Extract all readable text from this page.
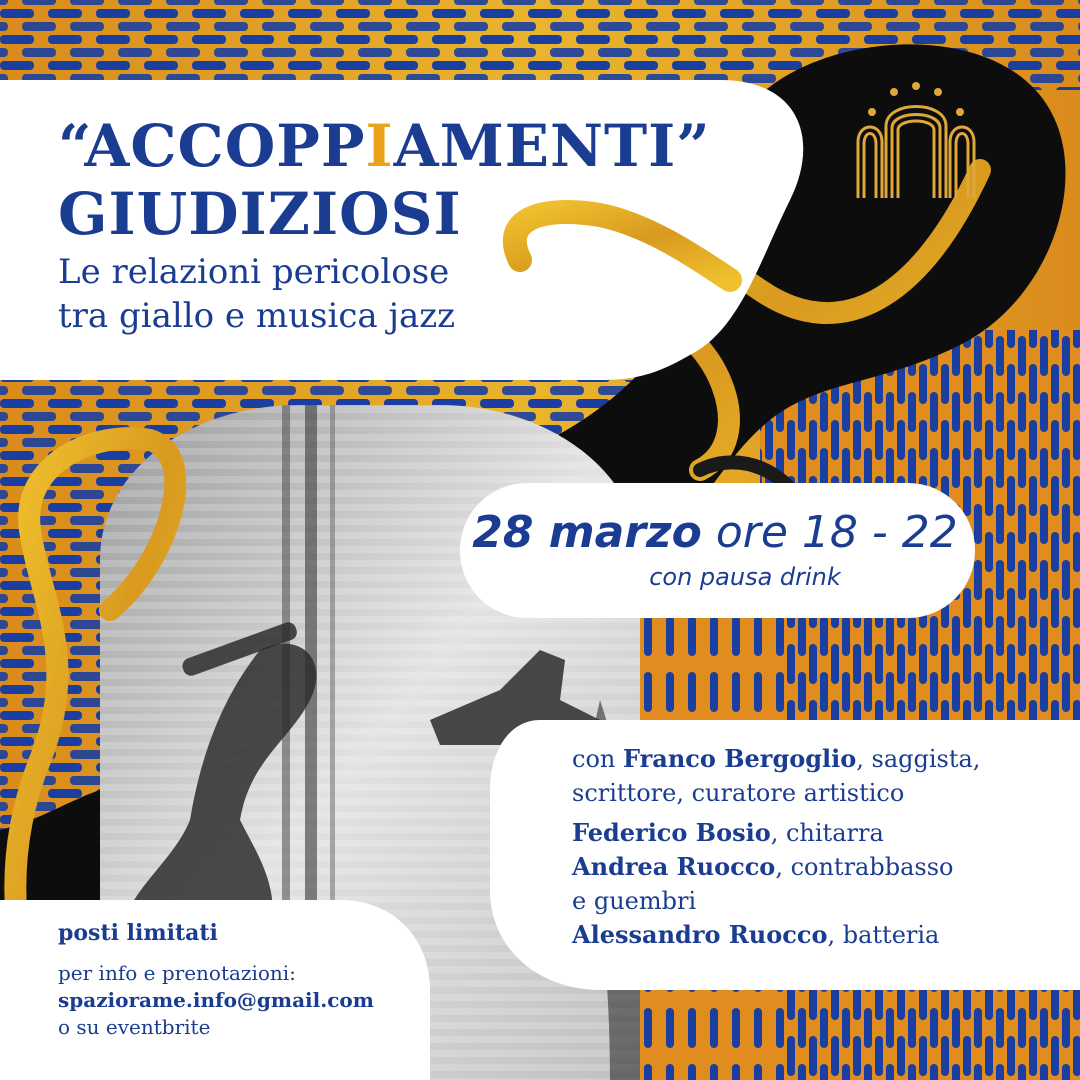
“ACCOPPIAMENTI”
GIUDIZIOSI
Le relazioni pericolose
tra giallo e musica jazz
28 marzo ore 18 - 22
con pausa drink
con Franco Bergoglio, saggista,
scrittore, curatore artistico
Federico Bosio, chitarra
Andrea Ruocco, contrabbasso
e guembri
Alessandro Ruocco, batteria
posti limitati
per info e prenotazioni:
spaziorame.info@gmail.com
o su eventbrite
